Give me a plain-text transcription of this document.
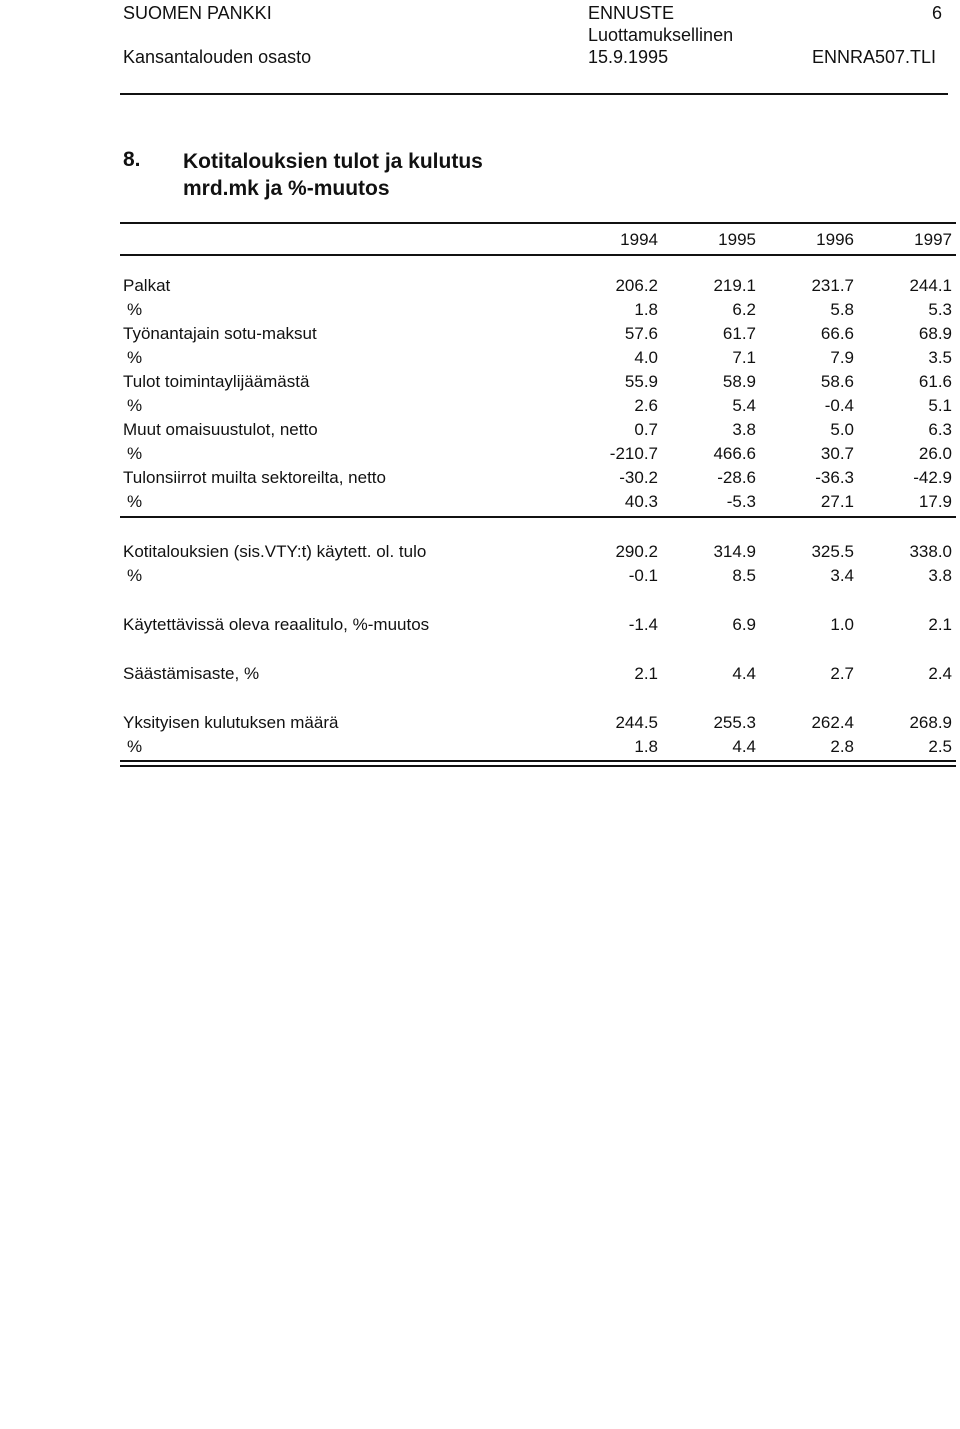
SUOMEN PANKKI
Kansantalouden osasto
ENNUSTE
Luottamuksellinen
15.9.1995
6
ENNRA507.TLI
8. Kotitalouksien tulot ja kulutus
mrd.mk ja %-muutos
1994	1995	1996	1997
Palkat	206.2	219.1	231.7	244.1
%	1.8	6.2	5.8	5.3
Työnantajain sotu-maksut	57.6	61.7	66.6	68.9
%	4.0	7.1	7.9	3.5
Tulot toimintaylijäämästä	55.9	58.9	58.6	61.6
%	2.6	5.4	-0.4	5.1
Muut omaisuustulot, netto	0.7	3.8	5.0	6.3
%	-210.7	466.6	30.7	26.0
Tulonsiirrot muilta sektoreilta, netto	-30.2	-28.6	-36.3	-42.9
%	40.3	-5.3	27.1	17.9
Kotitalouksien (sis.VTY:t) käytett. ol. tulo	290.2	314.9	325.5	338.0
%	-0.1	8.5	3.4	3.8
Käytettävissä oleva reaalitulo, %-muutos	-1.4	6.9	1.0	2.1
Säästämisaste, %	2.1	4.4	2.7	2.4
Yksityisen kulutuksen määrä	244.5	255.3	262.4	268.9
%	1.8	4.4	2.8	2.5
